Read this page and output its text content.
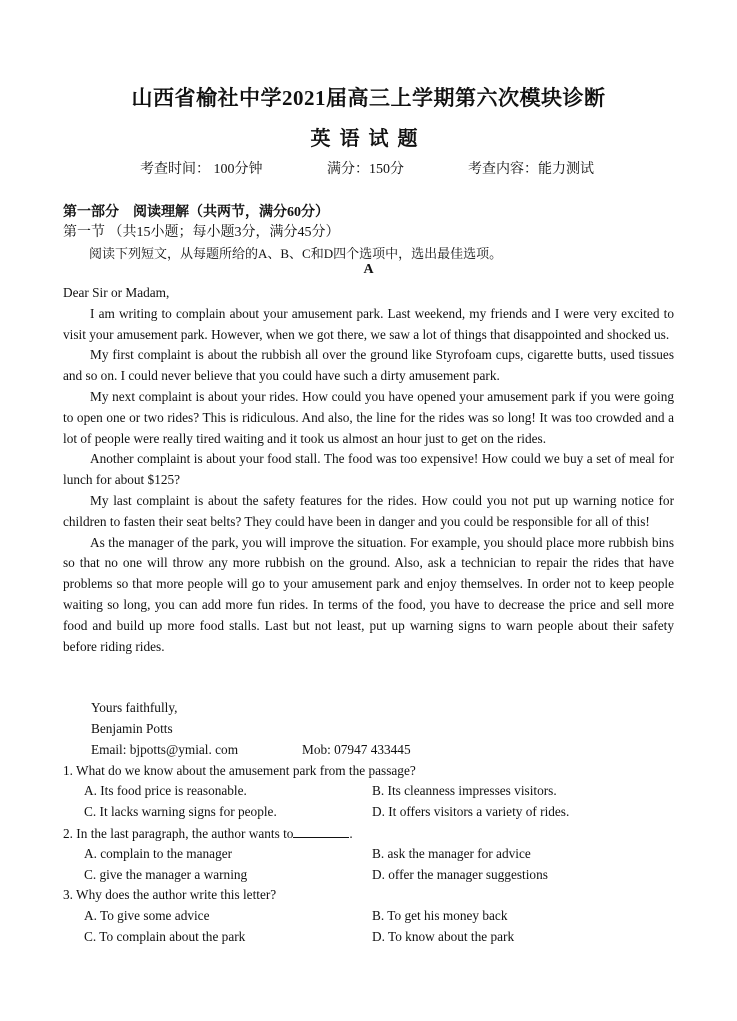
山西省榆社中学2021届高三上学期第六次模块诊断
英语试题
考查时间： 100分钟	满分：150分	考查内容：能力测试
第一部分　阅读理解（共两节，满分60分）
第一节 （共15小题；每小题3分，满分45分）
阅读下列短文，从每题所给的A、B、C和D四个选项中，选出最佳选项。
A

Dear Sir or Madam,

I am writing to complain about your amusement park. Last weekend, my friends and I were very excited to visit your amusement park. However, when we got there, we saw a lot of things that disappointed and shocked us.

My first complaint is about the rubbish all over the ground like Styrofoam cups, cigarette butts, used tissues and so on. I could never believe that you could have such a dirty amusement park.

My next complaint is about your rides. How could you have opened your amusement park if you were going to open one or two rides? This is ridiculous. And also, the line for the rides was so long! It was too crowded and a lot of people were really tired waiting and it took us almost an hour just to get on the rides.

Another complaint is about your food stall. The food was too expensive! How could we buy a set of meal for lunch for about $125?

My last complaint is about the safety features for the rides. How could you not put up warning notice for children to fasten their seat belts? They could have been in danger and you could be responsible for all of this!

As the manager of the park, you will improve the situation. For example, you should place more rubbish bins so that no one will throw any more rubbish on the ground. Also, ask a technician to repair the rides that have problems so that more people will go to your amusement park and enjoy themselves. In order not to keep people waiting so long, you can add more fun rides. In terms of the food, you have to decrease the price and sell more food and build up more food stalls. Last but not least, put up warning signs to warn people about their safety before riding rides.

Yours faithfully,
Benjamin Potts
Email: bjpotts@ymial. com	Mob: 07947 433445
1. What do we know about the amusement park from the passage?
A. Its food price is reasonable.	B. Its cleanness impresses visitors.
C. It lacks warning signs for people.	D. It offers visitors a variety of rides.
2. In the last paragraph, the author wants to	.
A. complain to the manager	B. ask the manager for advice
C. give the manager a warning	D. offer the manager suggestions
3. Why does the author write this letter?
A. To give some advice	B. To get his money back
C. To complain about the park	D. To know about the park
